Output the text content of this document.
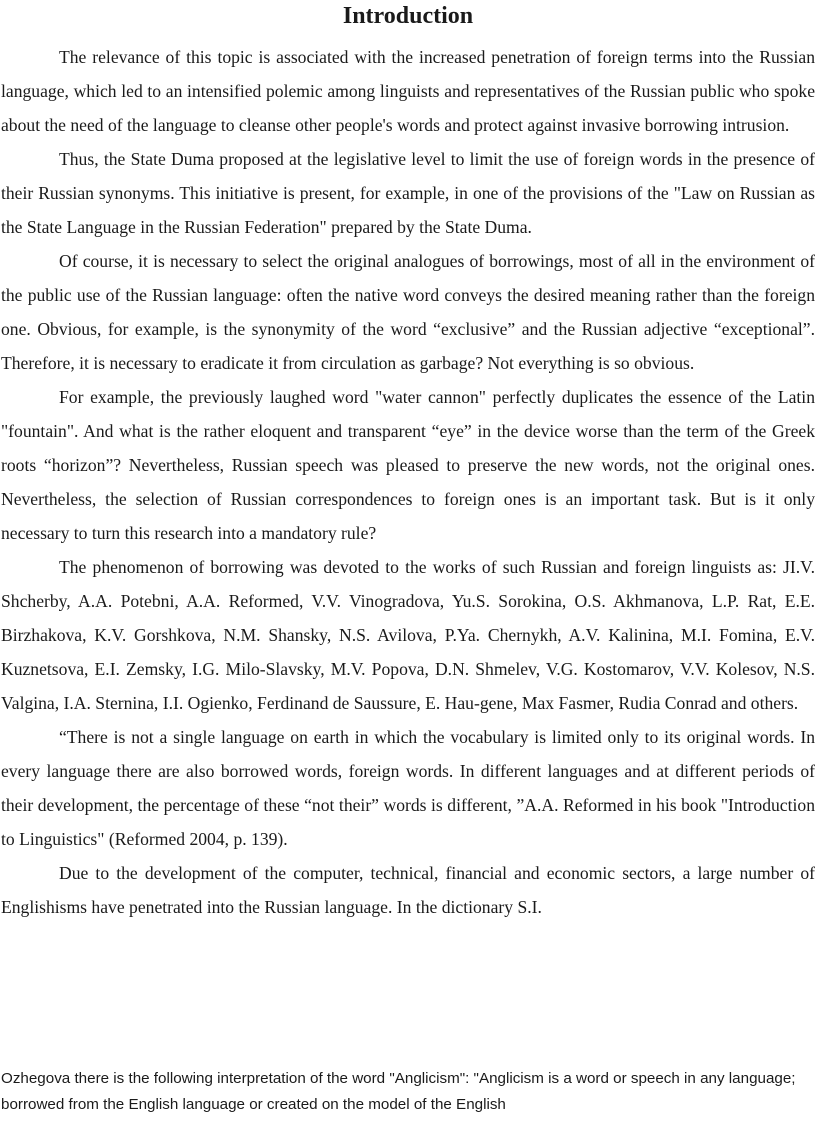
Introduction

The relevance of this topic is associated with the increased penetration of foreign terms into the Russian language, which led to an intensified polemic among linguists and representatives of the Russian public who spoke about the need of the language to cleanse other people's words and protect against invasive borrowing intrusion.

Thus, the State Duma proposed at the legislative level to limit the use of foreign words in the presence of their Russian synonyms. This initiative is present, for example, in one of the provisions of the "Law on Russian as the State Language in the Russian Federation" prepared by the State Duma.

Of course, it is necessary to select the original analogues of borrowings, most of all in the environment of the public use of the Russian language: often the native word conveys the desired meaning rather than the foreign one. Obvious, for example, is the synonymity of the word “exclusive” and the Russian adjective “exceptional”. Therefore, it is necessary to eradicate it from circulation as garbage? Not everything is so obvious.

For example, the previously laughed word "water cannon" perfectly duplicates the essence of the Latin "fountain". And what is the rather eloquent and transparent “eye” in the device worse than the term of the Greek roots “horizon”? Nevertheless, Russian speech was pleased to preserve the new words, not the original ones. Nevertheless, the selection of Russian correspondences to foreign ones is an important task. But is it only necessary to turn this research into a mandatory rule?

The phenomenon of borrowing was devoted to the works of such Russian and foreign linguists as: JI.V. Shcherby, A.A. Potebni, A.A. Reformed, V.V. Vinogradova, Yu.S. Sorokina, O.S. Akhmanova, L.P. Rat, E.E. Birzhakova, K.V. Gorshkova, N.M. Shansky, N.S. Avilova, P.Ya. Chernykh, A.V. Kalinina, M.I. Fomina, E.V. Kuznetsova, E.I. Zemsky, I.G. Milo-Slavsky, M.V. Popova, D.N. Shmelev, V.G. Kostomarov, V.V. Kolesov, N.S. Valgina, I.A. Sternina, I.I. Ogienko, Ferdinand de Saussure, E. Hau-gene, Max Fasmer, Rudia Conrad and others.

“There is not a single language on earth in which the vocabulary is limited only to its original words. In every language there are also borrowed words, foreign words. In different languages and at different periods of their development, the percentage of these “not their” words is different, ”A.A. Reformed in his book "Introduction to Linguistics" (Reformed 2004, p. 139).

Due to the development of the computer, technical, financial and economic sectors, a large number of Englishisms have penetrated into the Russian language. In the dictionary S.I.

Ozhegova there is the following interpretation of the word "Anglicism": "Anglicism is a word or speech in any language; borrowed from the English language or created on the model of the English
